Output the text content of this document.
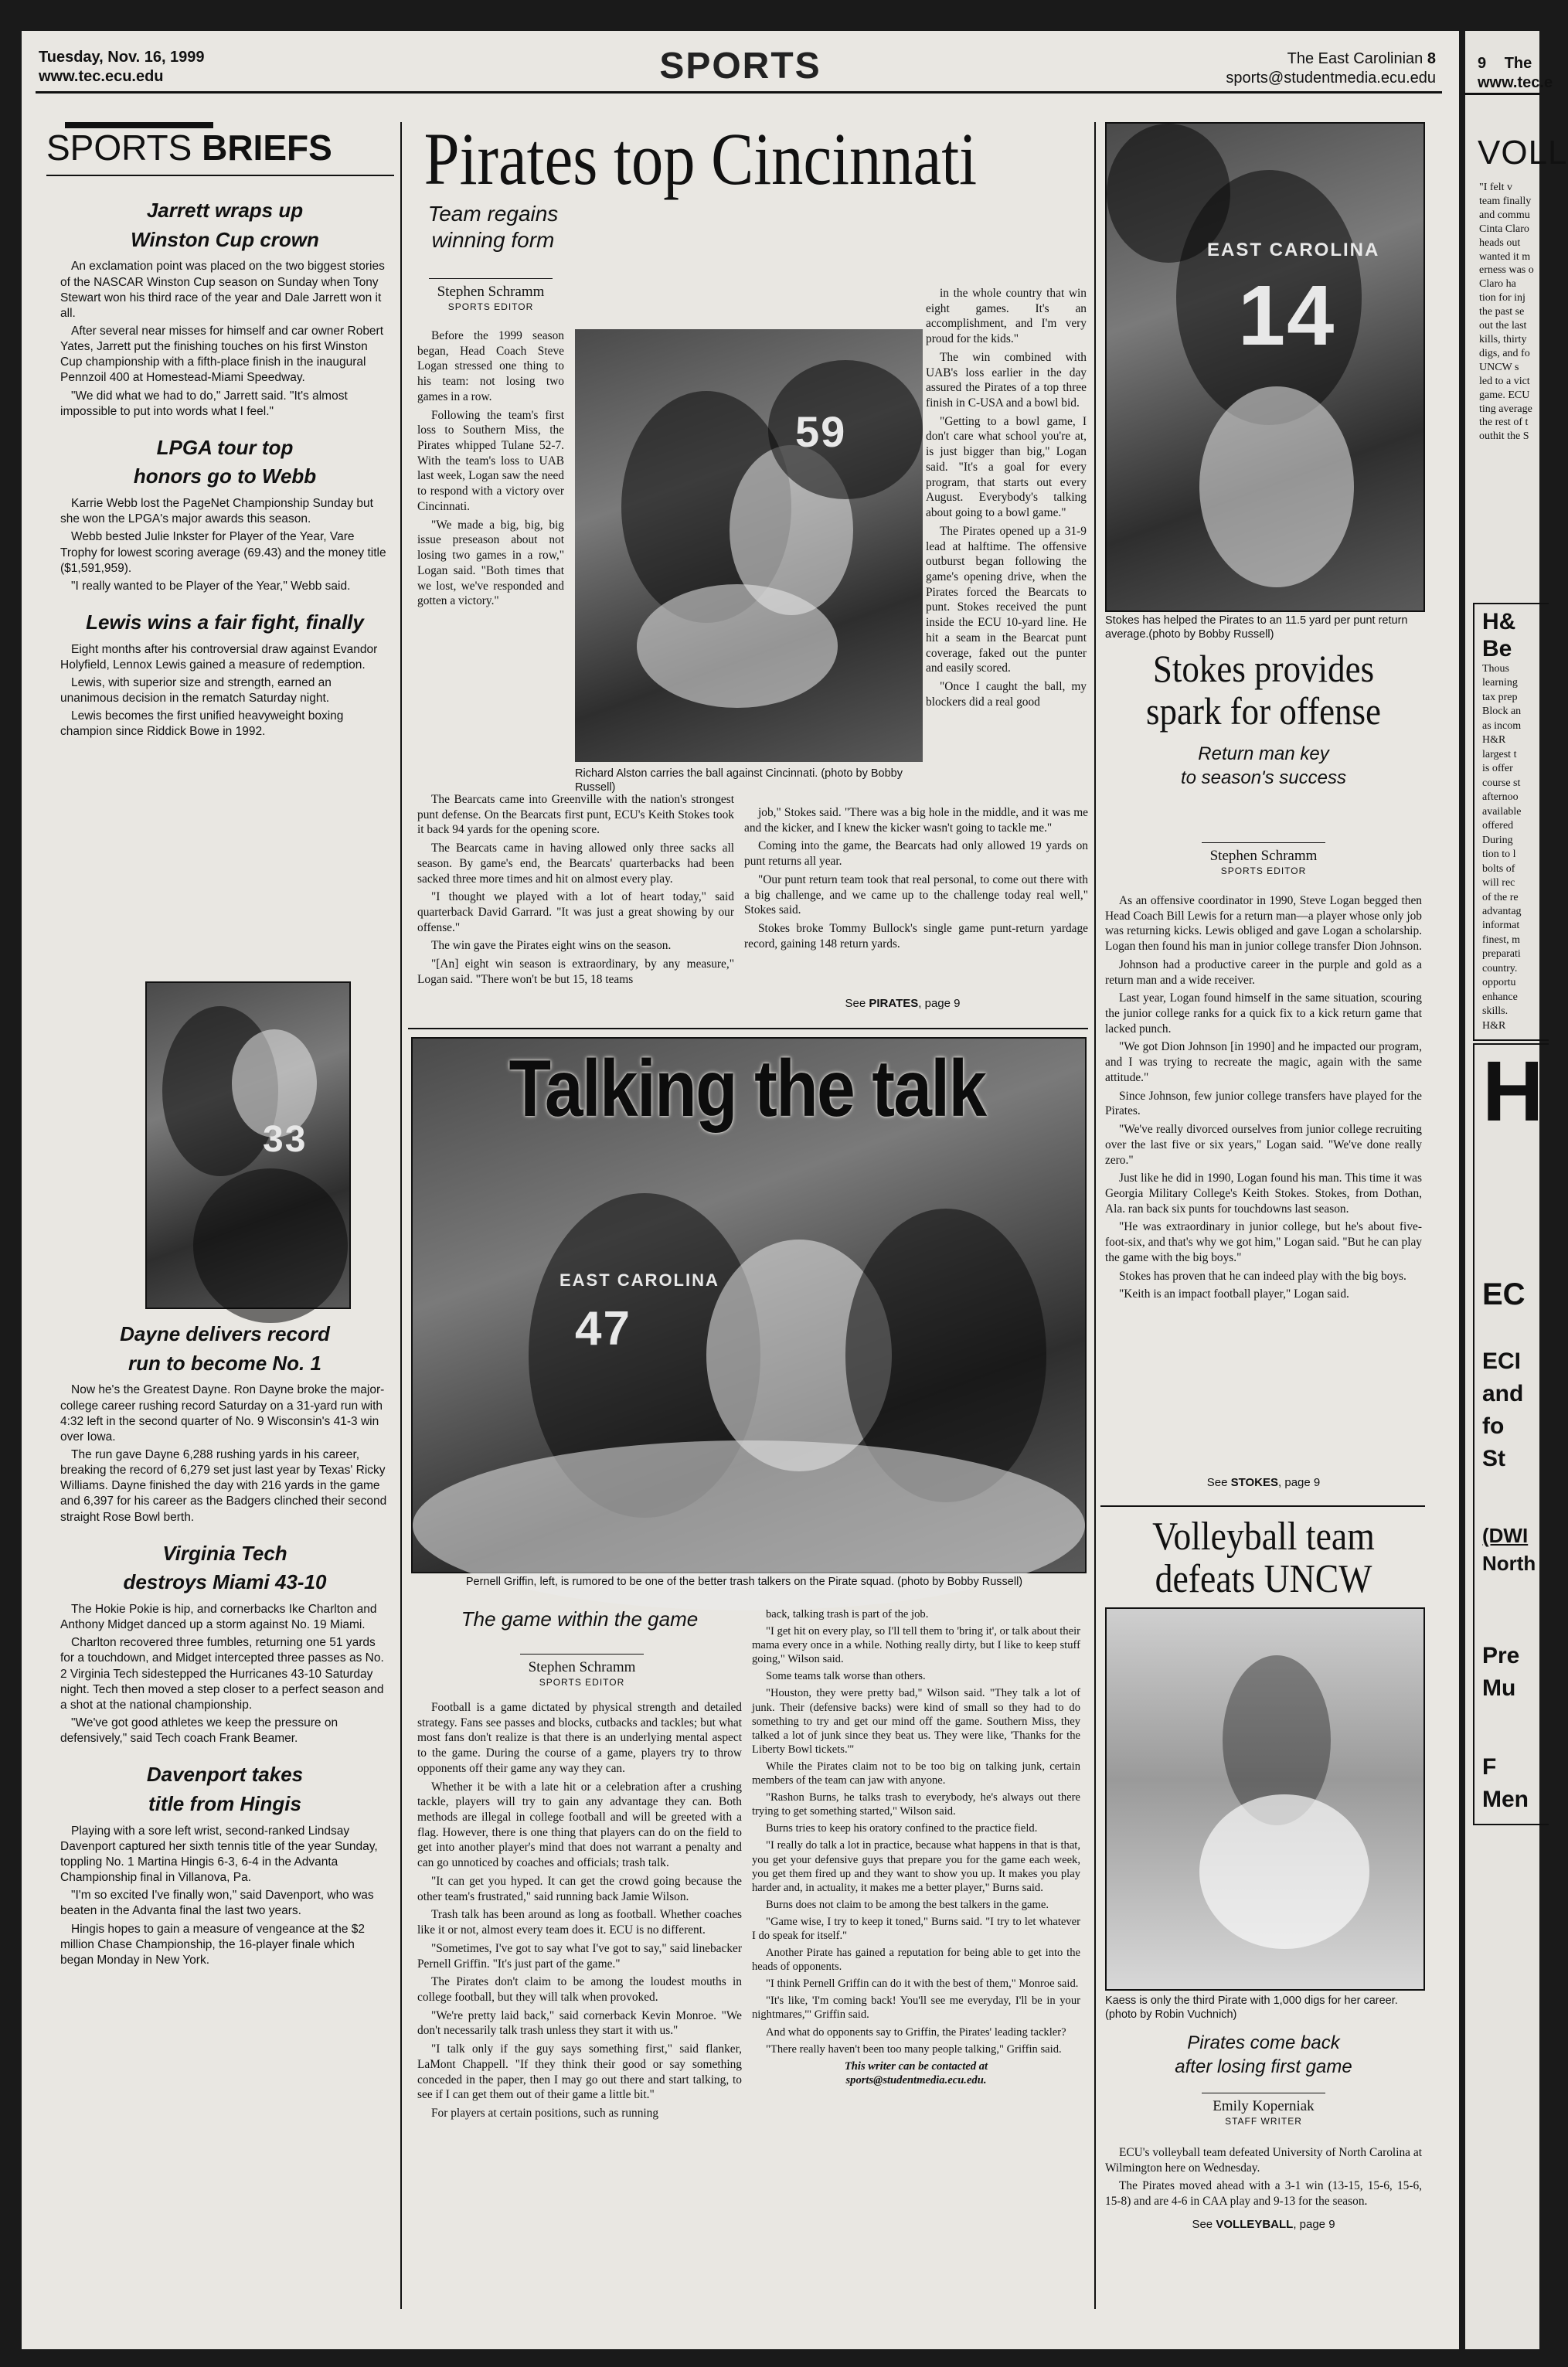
Tuesday, Nov. 16, 1999
www.tec.ecu.edu	SPORTS	The East Carolinian 8
sports@studentmedia.ecu.edu
SPORTS BRIEFS
Jarrett wraps up
Winston Cup crown

An exclamation point was placed on the two biggest stories of the NASCAR Winston Cup season on Sunday when Tony Stewart won his third race of the year and Dale Jarrett won it all.

After several near misses for himself and car owner Robert Yates, Jarrett put the finishing touches on his first Winston Cup championship with a fifth-place finish in the inaugural Pennzoil 400 at Homestead-Miami Speedway.

"We did what we had to do," Jarrett said. "It's almost impossible to put into words what I feel."

LPGA tour top
honors go to Webb

Karrie Webb lost the PageNet Championship Sunday but she won the LPGA's major awards this season.

Webb bested Julie Inkster for Player of the Year, Vare Trophy for lowest scoring average (69.43) and the money title ($1,591,959).

"I really wanted to be Player of the Year," Webb said.

Lewis wins a fair fight, finally

Eight months after his controversial draw against Evandor Holyfield, Lennox Lewis gained a measure of redemption.

Lewis, with superior size and strength, earned an unanimous decision in the rematch Saturday night.

Lewis becomes the first unified heavyweight boxing champion since Riddick Bowe in 1992.

33
Dayne delivers record
run to become No. 1

Now he's the Greatest Dayne. Ron Dayne broke the major-college career rushing record Saturday on a 31-yard run with 4:32 left in the second quarter of No. 9 Wisconsin's 41-3 win over Iowa.

The run gave Dayne 6,288 rushing yards in his career, breaking the record of 6,279 set just last year by Texas' Ricky Williams. Dayne finished the day with 216 yards in the game and 6,397 for his career as the Badgers clinched their second straight Rose Bowl berth.

Virginia Tech
destroys Miami 43-10

The Hokie Pokie is hip, and cornerbacks Ike Charlton and Anthony Midget danced up a storm against No. 19 Miami.

Charlton recovered three fumbles, returning one 51 yards for a touchdown, and Midget intercepted three passes as No. 2 Virginia Tech sidestepped the Hurricanes 43-10 Saturday night. Tech then moved a step closer to a perfect season and a shot at the national championship.

"We've got good athletes we keep the pressure on defensively," said Tech coach Frank Beamer.

Davenport takes
title from Hingis

Playing with a sore left wrist, second-ranked Lindsay Davenport captured her sixth tennis title of the year Sunday, toppling No. 1 Martina Hingis 6-3, 6-4 in the Advanta Championship final in Villanova, Pa.

"I'm so excited I've finally won," said Davenport, who was beaten in the Advanta final the last two years.

Hingis hopes to gain a measure of vengeance at the $2 million Chase Championship, the 16-player finale which began Monday in New York.

Pirates top Cincinnati
Team regains
winning form
Stephen Schramm
SPORTS EDITOR

Before the 1999 season began, Head Coach Steve Logan stressed one thing to his team: not losing two games in a row.

Following the team's first loss to Southern Miss, the Pirates whipped Tulane 52-7. With the team's loss to UAB last week, Logan saw the need to respond with a victory over Cincinnati.

"We made a big, big, big issue preseason about not losing two games in a row," Logan said. "Both times that we lost, we've responded and gotten a victory."

The Bearcats came into Greenville with the nation's strongest punt defense. On the Bearcats first punt, ECU's Keith Stokes took it back 94 yards for the opening score.

The Bearcats came in having allowed only three sacks all season. By game's end, the Bearcats' quarterbacks had been sacked three more times and hit on almost every play.

"I thought we played with a lot of heart today," said quarterback David Garrard. "It was just a great showing by our offense."

The win gave the Pirates eight wins on the season.

"[An] eight win season is extraordinary, by any measure," Logan said. "There won't be but 15, 18 teams

59
Richard Alston carries the ball against Cincinnati. (photo by Bobby Russell)

in the whole country that win eight games. It's an accomplishment, and I'm very proud for the kids."

The win combined with UAB's loss earlier in the day assured the Pirates of a top three finish in C-USA and a bowl bid.

"Getting to a bowl game, I don't care what school you're at, is just bigger than big," Logan said. "It's a goal for every program, that starts out every August. Everybody's talking about going to a bowl game."

The Pirates opened up a 31-9 lead at halftime. The offensive outburst began following the game's opening drive, when the Pirates forced the Bearcats to punt. Stokes received the punt inside the ECU 10-yard line. He hit a seam in the Bearcat punt coverage, faked out the punter and easily scored.

"Once I caught the ball, my blockers did a real good

job," Stokes said. "There was a big hole in the middle, and it was me and the kicker, and I knew the kicker wasn't going to tackle me."

Coming into the game, the Bearcats had only allowed 19 yards on punt returns all year.

"Our punt return team took that real personal, to come out there with a big challenge, and we came up to the challenge today real well," Stokes said.

Stokes broke Tommy Bullock's single game punt-return yardage record, gaining 148 return yards.

See PIRATES, page 9
EAST CAROLINA
47
Talking the talk
Pernell Griffin, left, is rumored to be one of the better trash talkers on the Pirate squad. (photo by Bobby Russell)
The game within the game
Stephen Schramm
SPORTS EDITOR

Football is a game dictated by physical strength and detailed strategy. Fans see passes and blocks, cutbacks and tackles; but what most fans don't realize is that there is an underlying mental aspect to the game. During the course of a game, players try to throw opponents off their game any way they can.

Whether it be with a late hit or a celebration after a crushing tackle, players will try to gain any advantage they can. Both methods are illegal in college football and will be greeted with a flag. However, there is one thing that players can do on the field to get into another player's mind that does not warrant a penalty and can go unnoticed by coaches and officials; trash talk.

"It can get you hyped. It can get the crowd going because the other team's frustrated," said running back Jamie Wilson.

Trash talk has been around as long as football. Whether coaches like it or not, almost every team does it. ECU is no different.

"Sometimes, I've got to say what I've got to say," said linebacker Pernell Griffin. "It's just part of the game."

The Pirates don't claim to be among the loudest mouths in college football, but they will talk when provoked.

"We're pretty laid back," said cornerback Kevin Monroe. "We don't necessarily talk trash unless they start it with us."

"I talk only if the guy says something first," said flanker, LaMont Chappell. "If they think their good or say something conceded in the paper, then I may go out there and start talking, to see if I can get them out of their game a little bit."

For players at certain positions, such as running

back, talking trash is part of the job.

"I get hit on every play, so I'll tell them to 'bring it', or talk about their mama every once in a while. Nothing really dirty, but I like to keep stuff going," Wilson said.

Some teams talk worse than others.

"Houston, they were pretty bad," Wilson said. "They talk a lot of junk. Their (defensive backs) were kind of small so they had to do something to try and get our mind off the game. Southern Miss, they talked a lot of junk since they beat us. They were like, 'Thanks for the Liberty Bowl tickets.'"

While the Pirates claim not to be too big on talking junk, certain members of the team can jaw with anyone.

"Rashon Burns, he talks trash to everybody, he's always out there trying to get something started," Wilson said.

Burns tries to keep his oratory confined to the practice field.

"I really do talk a lot in practice, because what happens in that is that, you get your defensive guys that prepare you for the game each week, you get them fired up and they want to show you up. It makes you play harder and, in actuality, it makes me a better player," Burns said.

Burns does not claim to be among the best talkers in the game.

"Game wise, I try to keep it toned," Burns said. "I try to let whatever I do speak for itself."

Another Pirate has gained a reputation for being able to get into the heads of opponents.

"I think Pernell Griffin can do it with the best of them," Monroe said.

"It's like, 'I'm coming back! You'll see me everyday, I'll be in your nightmares,'" Griffin said.

And what do opponents say to Griffin, the Pirates' leading tackler?

"There really haven't been too many people talking," Griffin said.

This writer can be contacted at
sports@studentmedia.ecu.edu.
EAST CAROLINA
14
Stokes has helped the Pirates to an 11.5 yard per punt return average.(photo by Bobby Russell)
Stokes provides
spark for offense
Return man key
to season's success
Stephen Schramm
SPORTS EDITOR

As an offensive coordinator in 1990, Steve Logan begged then Head Coach Bill Lewis for a return man—a player whose only job was returning kicks. Lewis obliged and gave Logan a scholarship. Logan then found his man in junior college transfer Dion Johnson.

Johnson had a productive career in the purple and gold as a return man and a wide receiver.

Last year, Logan found himself in the same situation, scouring the junior college ranks for a quick fix to a kick return game that lacked punch.

"We got Dion Johnson [in 1990] and he impacted our program, and I was trying to recreate the magic, again with the same attitude."

Since Johnson, few junior college transfers have played for the Pirates.

"We've really divorced ourselves from junior college recruiting over the last five or six years," Logan said. "We've done really zero."

Just like he did in 1990, Logan found his man. This time it was Georgia Military College's Keith Stokes. Stokes, from Dothan, Ala. ran back six punts for touchdowns last season.

"He was extraordinary in junior college, but he's about five-foot-six, and that's why we got him," Logan said. "But he can play the game with the big boys."

Stokes has proven that he can indeed play with the big boys.

"Keith is an impact football player," Logan said.

See STOKES, page 9
Volleyball team
defeats UNCW
Kaess is only the third Pirate with 1,000 digs for her career. (photo by Robin Vuchnich)
Pirates come back
after losing first game
Emily Koperniak
STAFF WRITER

ECU's volleyball team defeated University of North Carolina at Wilmington here on Wednesday.

The Pirates moved ahead with a 3-1 win (13-15, 15-6, 15-6, 15-8) and are 4-6 in CAA play and 9-13 for the season.

See VOLLEYBALL, page 9
9 The
www.tec.e
VOLL
"I felt v
team finally
and commu
Cinta Claro
heads out
wanted it m
erness was o
Claro ha
tion for inj
the past se
out the last
kills, thirty
digs, and fo
UNCW s
led to a vict
game. ECU
ting average
the rest of t
outhit the S
H&
Be
Thous
learning
tax prep
Block an
as incom
H&R
largest t
is offer
course st
afternoo
available
offered
During
tion to l
bolts of
will rec
of the re
advantag
informat
finest, m
preparati
country.
opportu
enhance
skills.
H&R
H
EC
ECI
and
fo
St
(DWI
North
Pre
Mu
F
Men
